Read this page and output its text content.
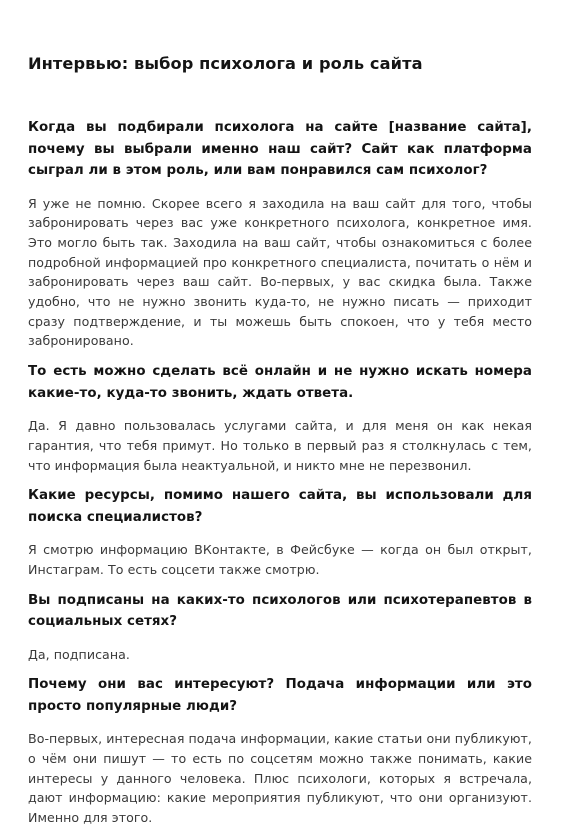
Интервью: выбор психолога и роль сайта

Когда вы подбирали психолога на сайте [название сайта], почему вы выбрали именно наш сайт? Сайт как платформа сыграл ли в этом роль, или вам понравился сам психолог?

Я уже не помню. Скорее всего я заходила на ваш сайт для того, чтобы забронировать через вас уже конкретного психолога, конкретное имя. Это могло быть так. Заходила на ваш сайт, чтобы ознакомиться с более подробной информацией про конкретного специалиста, почитать о нём и забронировать через ваш сайт. Во-первых, у вас скидка была. Также удобно, что не нужно звонить куда-то, не нужно писать — приходит сразу подтверждение, и ты можешь быть спокоен, что у тебя место забронировано.

То есть можно сделать всё онлайн и не нужно искать номера какие-то, куда-то звонить, ждать ответа.

Да. Я давно пользовалась услугами сайта, и для меня он как некая гарантия, что тебя примут. Но только в первый раз я столкнулась с тем, что информация была неактуальной, и никто мне не перезвонил.

Какие ресурсы, помимо нашего сайта, вы использовали для поиска специалистов?

Я смотрю информацию ВКонтакте, в Фейсбуке — когда он был открыт, Инстаграм. То есть соцсети также смотрю.

Вы подписаны на каких-то психологов или психотерапевтов в социальных сетях?

Да, подписана.

Почему они вас интересуют? Подача информации или это просто популярные люди?

Во-первых, интересная подача информации, какие статьи они публикуют, о чём они пишут — то есть по соцсетям можно также понимать, какие интересы у данного человека. Плюс психологи, которых я встречала, дают информацию: какие мероприятия публикуют, что они организуют. Именно для этого.
